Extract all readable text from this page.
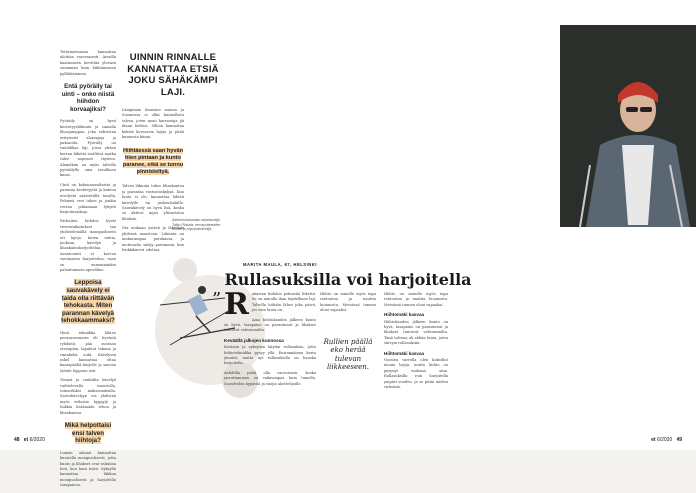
Tottumattoman kannattaa aloittaa varovaisesti. Aivailla kaatumisen hirvittää yleensä enemmän kuin hiihtämiseen pyllähtäminen.

Entä pyöräily tai uinti – onko niistä hiihdon korvaajiksi?

Pyöräily on hyvä kestävyysliikunta ja samalla lihasjumppaa, joka vahvistaa erityisesti alaraajoja ja pakaroita. Pyöräily on vauhdikas laji, jossa yhden kerran liikettä sisältävä matka tulee nopeasti täyteen. Alamäkiin on myös talvella pyöräilylle oma tavallinen kausi.

Uinti on kokonaisvaltaista ja paranna kestävyyttä ja kuntoa nivelystä säästävällä tavalla. Pehmeä vesi tukee ja jonkin verran jatkamaan lyhyitä harjoitusaikoja.

Parhaiten hiihdon hyvät treenivaikutukset saa yhdistelemällä monipuolisesti eri lajeja, kuten uintia, juoksua, kävelyä ja lihaskuntoharjoittelua. Avantouinti ei korvaa varsinaista harjoittelua, vaan on ennemminkin palautumisen apuväline.

Leppoisa sauvakävely ei taida olla riittävän tehokasta. Miten parannan kävelyä tehokkaammaksi?

Hyvä tekniikka lähtee perusasennosta eli hyvästä ryhdistä: pää suoraan eteenpäin, lapaluut takana ja rintakehä auki. Kävelyssä askel kannattaa ottaa kantapäältä kärjelle ja sauvan työntö loppuun asti.

Ylennä ja vauhdita kävelyä vaihtelevalla maastolla, esimerkiksi mäkiosuuksilla. Sauvakävelyyn voi yhdistää myös erilaisia hyppyjä ja loikkia lisäämään tehoa ja lihaskuntoa.

Mikä helpottaisi ensi talven hiihtoja?

Lumen aikaan kannattaa kuntoilla monipuolisesti, jotta kunto ja lihakset ovat valmiina heti, kun lumi tulee. Syksyllä kannattaa liikkua monipuolisesti ja harjoitella tasapainoa.

UINNIN RINNALLE KANNATTAA ETSIÄ JOKU SÄHÄKÄMPI LAJI.

Lämpimän ilmaston maissa ja Suomessa ei ollut kunnollista talvea, joten moni harrastaja jäi ilman hiihtoa. Silloin kannattaa keksiä korvaavia lajeja ja pitää kunnosta kiinni.

Hiihtäessä saan hyvän hien pintaan ja kunto paranee, eikä se tunnu pinnisteltyä.

Talven liikunta tukee lihaskuntoa ja parantaa vastustuskykyä. Kun lunta ei ole, kannattaa lähteä kävelylle tai juoksulenkille. Sauvakävely on hyvä lisä, koska se aktivoi myös ylävartalon lihaksia.

Ota mukaan ystävä ja lähtekää yhdessä maastoon. Liikunta on mukavampaa porukassa, ja motivaatio säilyy paremmin, kun lenkkikaveri odottaa.

Aaltokoulutusalan asiantuntija, Taltio Pihkala, terveystieteiden tohtori ja olympiakävelijä.
48 et 6/2020
Lumettoman talven kuntoilujen kiertäjä Marita Maula on pyöräilystä
MARITA MAULA, 67, HELSINKI
Rullasuksilla voi harjoitella
” Rakastan hiihdon pehmeää liikettä. Se on minulle ihan täydellinen laji. Talvella hiihdin lähes joka päivä, jos vain lunta on.

Aina hiihtokauden jälkeen kunto on hyvä, tasapaino on parantunut ja lihakset tuntuvat vahvemmilta.

Keväällä jalkojen kunnossa

Kesäisin ja syksyisin käytän rullasuksia, jotta hiihtotekniikka pysyy yllä. Ensimmäinen kerta jännitti, mutta nyt rullasuksilla on hauska harjoitella.

Asfaltilla pitää olla varovainen, koska jarruttaminen on vaikeampaa kuin lumella. Suosittelen kypärää ja suojia aloittelijoille.

Rullien päällä eko herää tulevan liikkeeseen.

Hiihto on minulle myös tapa rentoutua ja nauttia luonnosta. Metsässä tunnen oloni vapaaksi.

Hiihto on minulle myös tapa rentoutua ja nauttia luonnosta. Metsässä tunnen oloni vapaaksi.

Hiihtomäki kasvaa

Hiihtokauden jälkeen kunto on hyvä, tasapaino on parantunut ja lihakset tuntuvat vahvemmilta. Tänä talvena oli vähän lunta, joten siirryin rullasuksiin.

Hiihtomäki kasvaa

Vuosien varrella olen kokeillut monia lajeja, mutta hiihto on pysynyt mukana aina. Rullasuksilla voin harjoitella ympäri vuoden, ja se pitää mielen virkeänä.

et 6/2020 49
